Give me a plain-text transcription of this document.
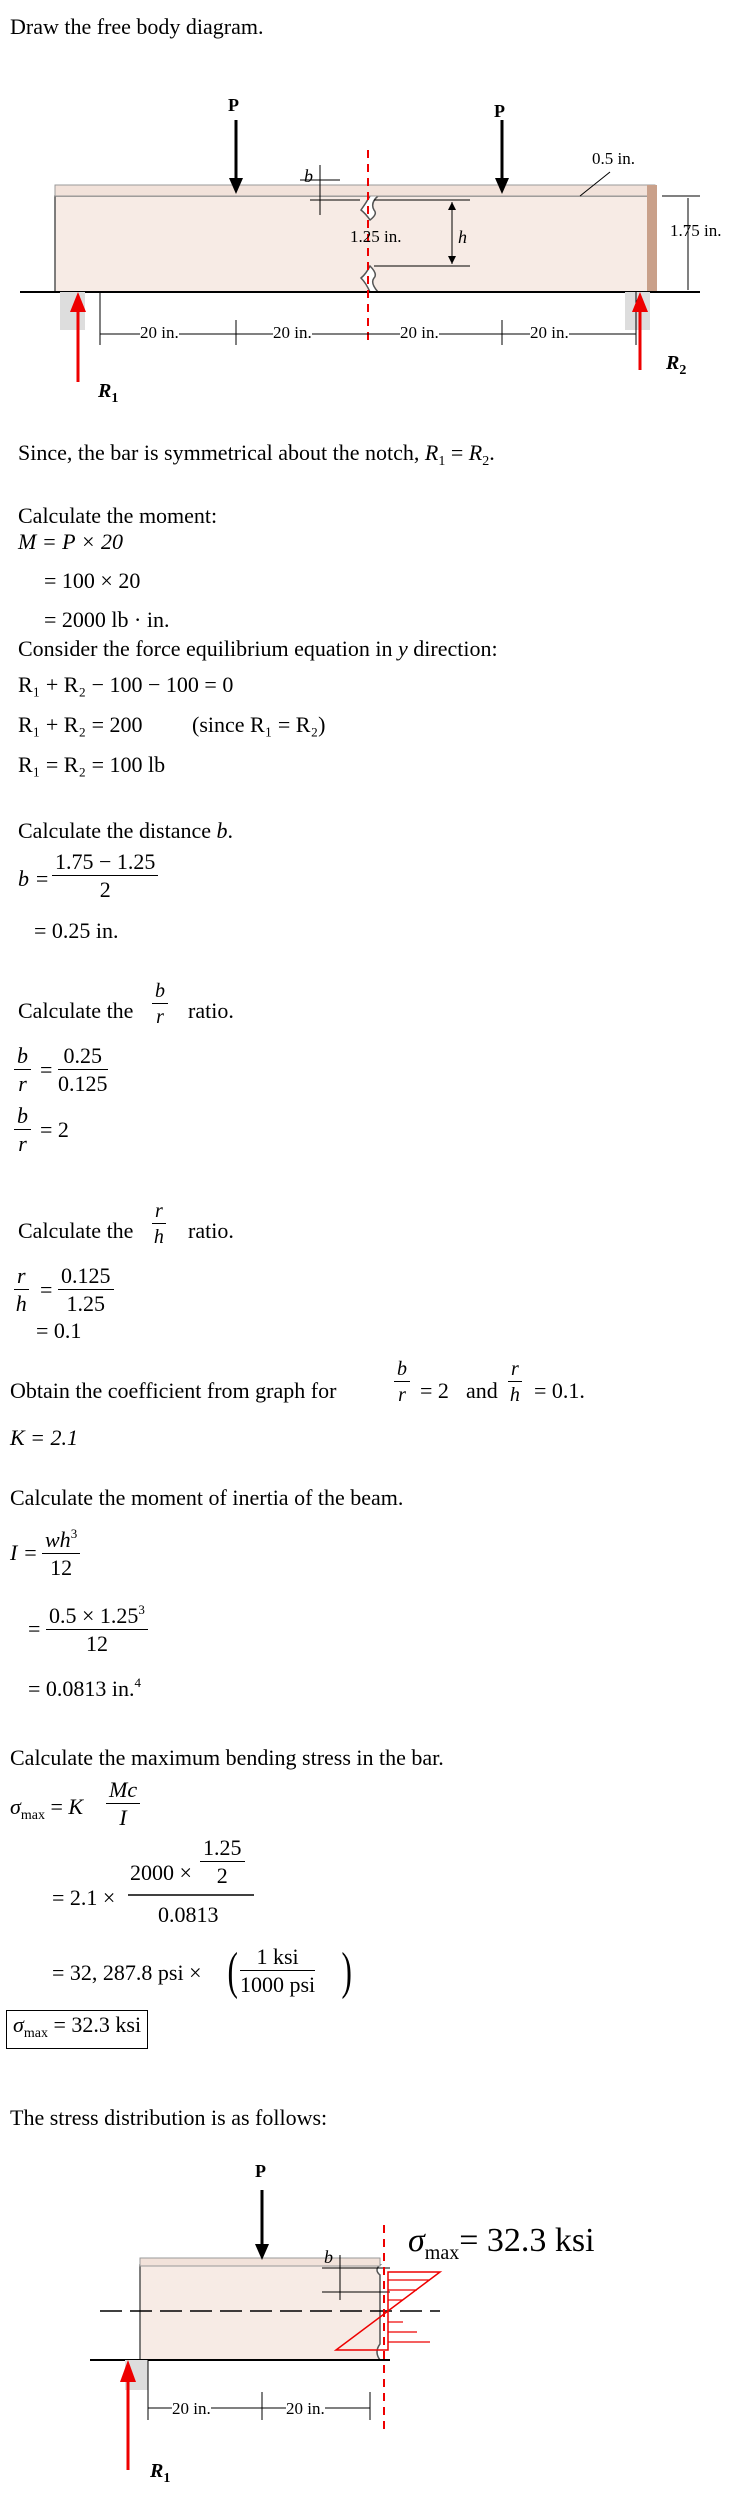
Draw the free body diagram.
P	P
b
1.25 in.	h
0.5 in.
1.75 in.
20 in.	20 in.	20 in.	20 in.
$R_1$
$R_2$
Since, the bar is symmetrical about the notch, $R_1 = R_2$.
Calculate the moment:
M = P × 20
= 100 × 20
= 2000 lb · in.
Consider the force equilibrium equation in y direction:
R₁ + R₂ − 100 − 100 = 0
R₁ + R₂ = 200 (since R₁ = R₂)
R₁ = R₂ = 100 lb
Calculate the distance b.
$b = \frac{1.75 - 1.25}{2}$
= 0.25 in.
Calculate the $\frac{b}{r}$ ratio.
$\frac{b}{r} = \frac{0.25}{0.125}$
$\frac{b}{r} = 2$
Calculate the $\frac{r}{h}$ ratio.
$\frac{r}{h} = \frac{0.125}{1.25}$
= 0.1
Obtain the coefficient from graph for	$\frac{b}{r} = 2$ and $\frac{r}{h} = 0.1$.
K = 2.1
Calculate the moment of inertia of the beam.
$I = \frac{wh^3}{12}$
= $\frac{0.5 \times 1.25^3}{12}$
= 0.0813 in.$^4$
Calculate the maximum bending stress in the bar.
$\sigma_{max} = K \frac{Mc}{I}$
= 2.1 ×
$2000 \times \frac{1.25}{2}$
0.0813
= 32, 287.8 psi × ( 1 ksi
1000 psi )
$\sigma_{max} = 32.3$ ksi
The stress distribution is as follows:
P
b $\sigma_{max}= 32.3$ ksi
20 in.	20 in.
$R_1$
